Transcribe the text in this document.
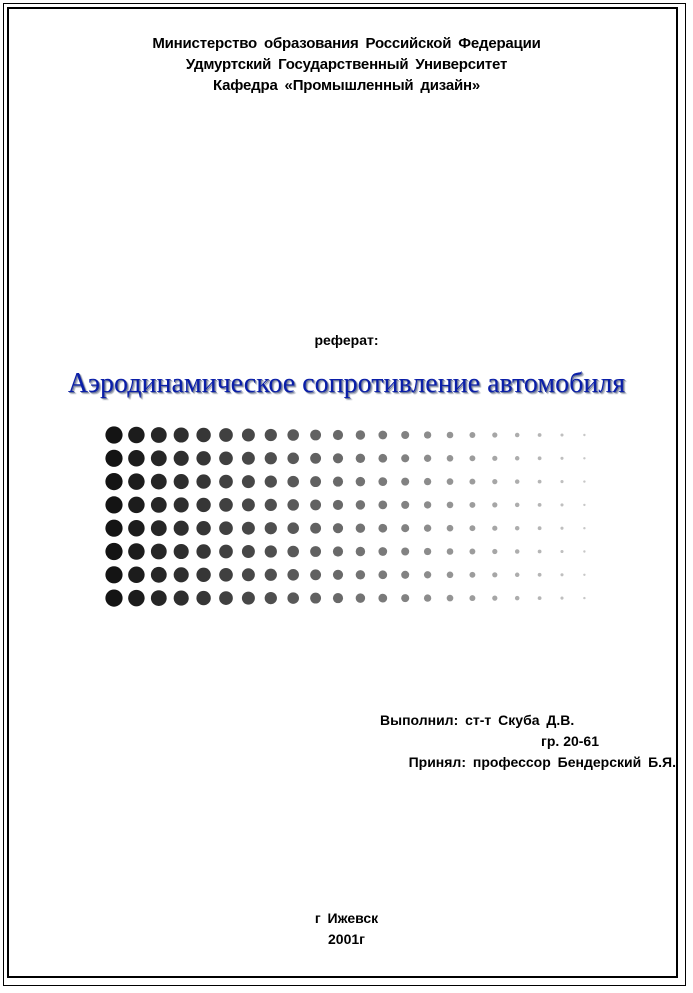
Министерство образования Российской Федерации
Удмуртский Государственный Университет
Кафедра «Промышленный дизайн»
реферат:
Аэродинамическое сопротивление автомобиля
Выполнил: ст-т Скуба Д.В.
гр. 20-61
Принял: профессор Бендерский Б.Я.
г Ижевск
2001г
